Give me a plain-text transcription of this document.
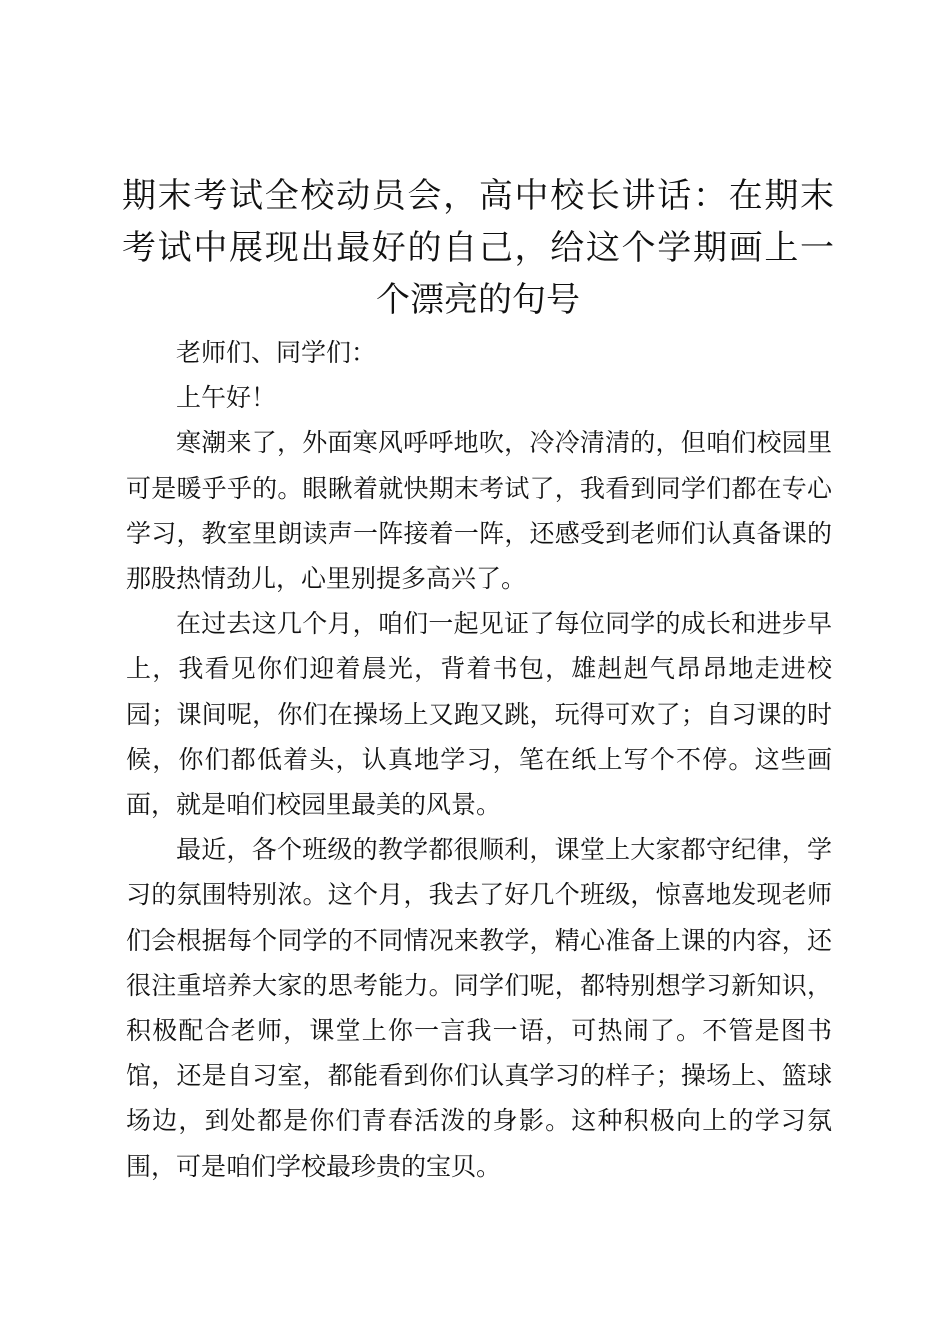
期末考试全校动员会，高中校长讲话：在期末考试中展现出最好的自己，给这个学期画上一个漂亮的句号

老师们、同学们：

上午好！

寒潮来了，外面寒风呼呼地吹，冷冷清清的，但咱们校园里可是暖乎乎的。眼瞅着就快期末考试了，我看到同学们都在专心学习，教室里朗读声一阵接着一阵，还感受到老师们认真备课的那股热情劲儿，心里别提多高兴了。

在过去这几个月，咱们一起见证了每位同学的成长和进步早上，我看见你们迎着晨光，背着书包，雄赳赳气昂昂地走进校园；课间呢，你们在操场上又跑又跳，玩得可欢了；自习课的时候，你们都低着头，认真地学习，笔在纸上写个不停。这些画面，就是咱们校园里最美的风景。

最近，各个班级的教学都很顺利，课堂上大家都守纪律，学习的氛围特别浓。这个月，我去了好几个班级，惊喜地发现老师们会根据每个同学的不同情况来教学，精心准备上课的内容，还很注重培养大家的思考能力。同学们呢，都特别想学习新知识，积极配合老师，课堂上你一言我一语，可热闹了。不管是图书馆，还是自习室，都能看到你们认真学习的样子；操场上、篮球场边，到处都是你们青春活泼的身影。这种积极向上的学习氛围，可是咱们学校最珍贵的宝贝。
